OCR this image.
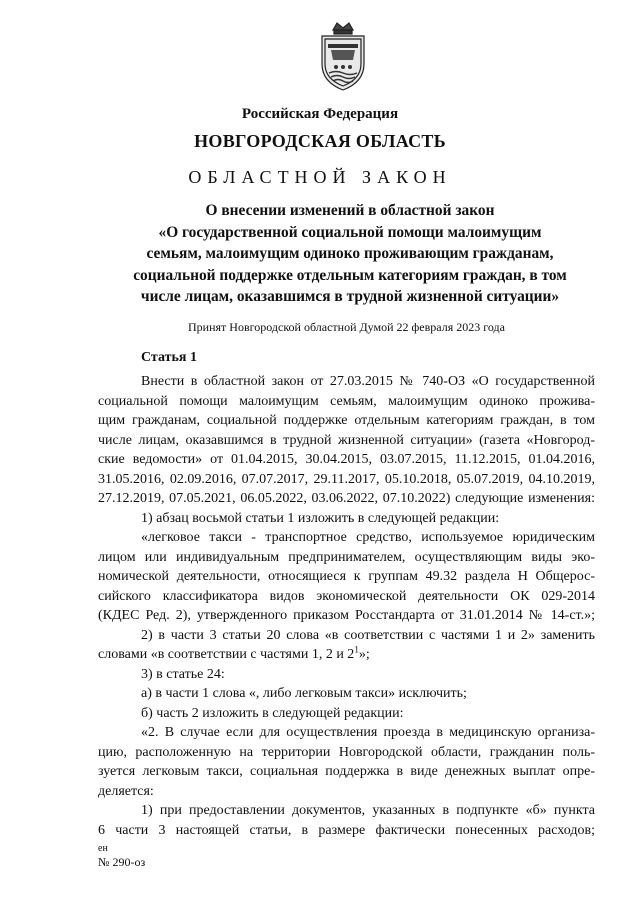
Российская Федерация
НОВГОРОДСКАЯ ОБЛАСТЬ
ОБЛАСТНОЙ ЗАКОН
О внесении изменений в областной закон
«О государственной социальной помощи малоимущим
семьям, малоимущим одиноко проживающим гражданам,
социальной поддержке отдельным категориям граждан, в том
числе лицам, оказавшимся в трудной жизненной ситуации»
Принят Новгородской областной Думой 22 февраля 2023 года
Статья 1
Внести в областной закон от 27.03.2015 № 740-ОЗ «О государственной
социальной помощи малоимущим семьям, малоимущим одиноко прожива-
щим гражданам, социальной поддержке отдельным категориям граждан, в том
числе лицам, оказавшимся в трудной жизненной ситуации» (газета «Новгород-
ские ведомости» от 01.04.2015, 30.04.2015, 03.07.2015, 11.12.2015, 01.04.2016,
31.05.2016, 02.09.2016, 07.07.2017, 29.11.2017, 05.10.2018, 05.07.2019, 04.10.2019,
27.12.2019, 07.05.2021, 06.05.2022, 03.06.2022, 07.10.2022) следующие изменения:
1) абзац восьмой статьи 1 изложить в следующей редакции:
«легковое такси - транспортное средство, используемое юридическим
лицом или индивидуальным предпринимателем, осуществляющим виды эко-
номической деятельности, относящиеся к группам 49.32 раздела H Общерос-
сийского классификатора видов экономической деятельности ОК 029-2014
(КДЕС Ред. 2), утвержденного приказом Росстандарта от 31.01.2014 № 14-ст.»;
2) в части 3 статьи 20 слова «в соответствии с частями 1 и 2» заменить
словами «в соответствии с частями 1, 2 и $2^1$»;
3) в статье 24:
а) в части 1 слова «, либо легковым такси» исключить;
б) часть 2 изложить в следующей редакции:
«2. В случае если для осуществления проезда в медицинскую организа-
цию, расположенную на территории Новгородской области, гражданин поль-
зуется легковым такси, социальная поддержка в виде денежных выплат опре-
деляется:
1) при предоставлении документов, указанных в подпункте «б» пункта
6 части 3 настоящей статьи, в размере фактически понесенных расходов;
ен
№ 290-оз
